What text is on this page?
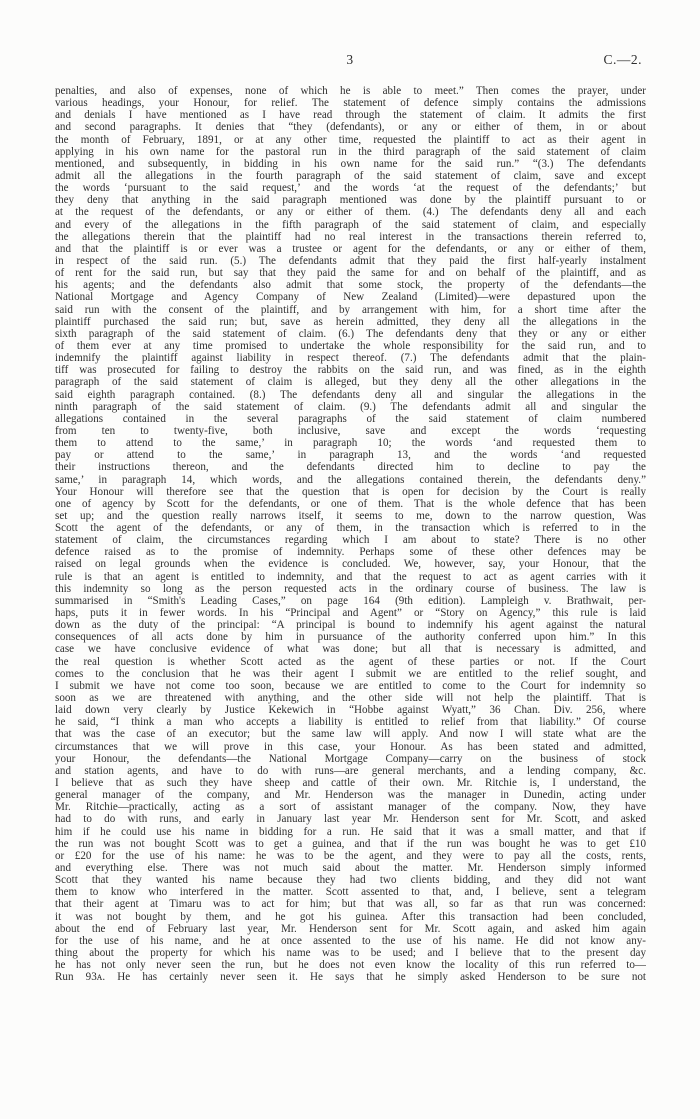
3	C.—2.
penalties, and also of expenses, none of which he is able to meet.” Then comes the prayer, under
various headings, your Honour, for relief. The statement of defence simply contains the admissions
and denials I have mentioned as I have read through the statement of claim. It admits the first
and second paragraphs. It denies that “they (defendants), or any or either of them, in or about
the month of February, 1891, or at any other time, requested the plaintiff to act as their agent in
applying in his own name for the pastoral run in the third paragraph of the said statement of claim
mentioned, and subsequently, in bidding in his own name for the said run.” “(3.) The defendants
admit all the allegations in the fourth paragraph of the said statement of claim, save and except
the words ‘pursuant to the said request,’ and the words ‘at the request of the defendants;’ but
they deny that anything in the said paragraph mentioned was done by the plaintiff pursuant to or
at the request of the defendants, or any or either of them. (4.) The defendants deny all and each
and every of the allegations in the fifth paragraph of the said statement of claim, and especially
the allegations therein that the plaintiff had no real interest in the transactions therein referred to,
and that the plaintiff is or ever was a trustee or agent for the defendants, or any or either of them,
in respect of the said run. (5.) The defendants admit that they paid the first half-yearly instalment
of rent for the said run, but say that they paid the same for and on behalf of the plaintiff, and as
his agents; and the defendants also admit that some stock, the property of the defendants—the
National Mortgage and Agency Company of New Zealand (Limited)—were depastured upon the
said run with the consent of the plaintiff, and by arrangement with him, for a short time after the
plaintiff purchased the said run; but, save as herein admitted, they deny all the allegations in the
sixth paragraph of the said statement of claim. (6.) The defendants deny that they or any or either
of them ever at any time promised to undertake the whole responsibility for the said run, and to
indemnify the plaintiff against liability in respect thereof. (7.) The defendants admit that the plain-
tiff was prosecuted for failing to destroy the rabbits on the said run, and was fined, as in the eighth
paragraph of the said statement of claim is alleged, but they deny all the other allegations in the
said eighth paragraph contained. (8.) The defendants deny all and singular the allegations in the
ninth paragraph of the said statement of claim. (9.) The defendants admit all and singular the
allegations contained in the several paragraphs of the said statement of claim numbered
from ten to twenty-five, both inclusive, save and except the words ‘requesting
them to attend to the same,’ in paragraph 10; the words ‘and requested them to
pay or attend to the same,’ in paragraph 13, and the words ‘and requested
their instructions thereon, and the defendants directed him to decline to pay the
same,’ in paragraph 14, which words, and the allegations contained therein, the defendants deny.”
Your Honour will therefore see that the question that is open for decision by the Court is really
one of agency by Scott for the defendants, or one of them. That is the whole defence that has been
set up; and the question really narrows itself, it seems to me, down to the narrow question, Was
Scott the agent of the defendants, or any of them, in the transaction which is referred to in the
statement of claim, the circumstances regarding which I am about to state? There is no other
defence raised as to the promise of indemnity. Perhaps some of these other defences may be
raised on legal grounds when the evidence is concluded. We, however, say, your Honour, that the
rule is that an agent is entitled to indemnity, and that the request to act as agent carries with it
this indemnity so long as the person requested acts in the ordinary course of business. The law is
summarised in “Smith's Leading Cases,” on page 164 (9th edition). Lampleigh v. Brathwait, per-
haps, puts it in fewer words. In his “Principal and Agent” or “Story on Agency,” this rule is laid
down as the duty of the principal: “A principal is bound to indemnify his agent against the natural
consequences of all acts done by him in pursuance of the authority conferred upon him.” In this
case we have conclusive evidence of what was done; but all that is necessary is admitted, and
the real question is whether Scott acted as the agent of these parties or not. If the Court
comes to the conclusion that he was their agent I submit we are entitled to the relief sought, and
I submit we have not come too soon, because we are entitled to come to the Court for indemnity so
soon as we are threatened with anything, and the other side will not help the plaintiff. That is
laid down very clearly by Justice Kekewich in “Hobbe against Wyatt,” 36 Chan. Div. 256, where
he said, “I think a man who accepts a liability is entitled to relief from that liability.” Of course
that was the case of an executor; but the same law will apply. And now I will state what are the
circumstances that we will prove in this case, your Honour. As has been stated and admitted,
your Honour, the defendants—the National Mortgage Company—carry on the business of stock
and station agents, and have to do with runs—are general merchants, and a lending company, &c.
I believe that as such they have sheep and cattle of their own. Mr. Ritchie is, I understand, the
general manager of the company, and Mr. Henderson was the manager in Dunedin, acting under
Mr. Ritchie—practically, acting as a sort of assistant manager of the company. Now, they have
had to do with runs, and early in January last year Mr. Henderson sent for Mr. Scott, and asked
him if he could use his name in bidding for a run. He said that it was a small matter, and that if
the run was not bought Scott was to get a guinea, and that if the run was bought he was to get £10
or £20 for the use of his name: he was to be the agent, and they were to pay all the costs, rents,
and everything else. There was not much said about the matter. Mr. Henderson simply informed
Scott that they wanted his name because they had two clients bidding, and they did not want
them to know who interfered in the matter. Scott assented to that, and, I believe, sent a telegram
that their agent at Timaru was to act for him; but that was all, so far as that run was concerned:
it was not bought by them, and he got his guinea. After this transaction had been concluded,
about the end of February last year, Mr. Henderson sent for Mr. Scott again, and asked him again
for the use of his name, and he at once assented to the use of his name. He did not know any-
thing about the property for which his name was to be used; and I believe that to the present day
he has not only never seen the run, but he does not even know the locality of this run referred to—
Run 93ᴀ. He has certainly never seen it. He says that he simply asked Henderson to be sure not
